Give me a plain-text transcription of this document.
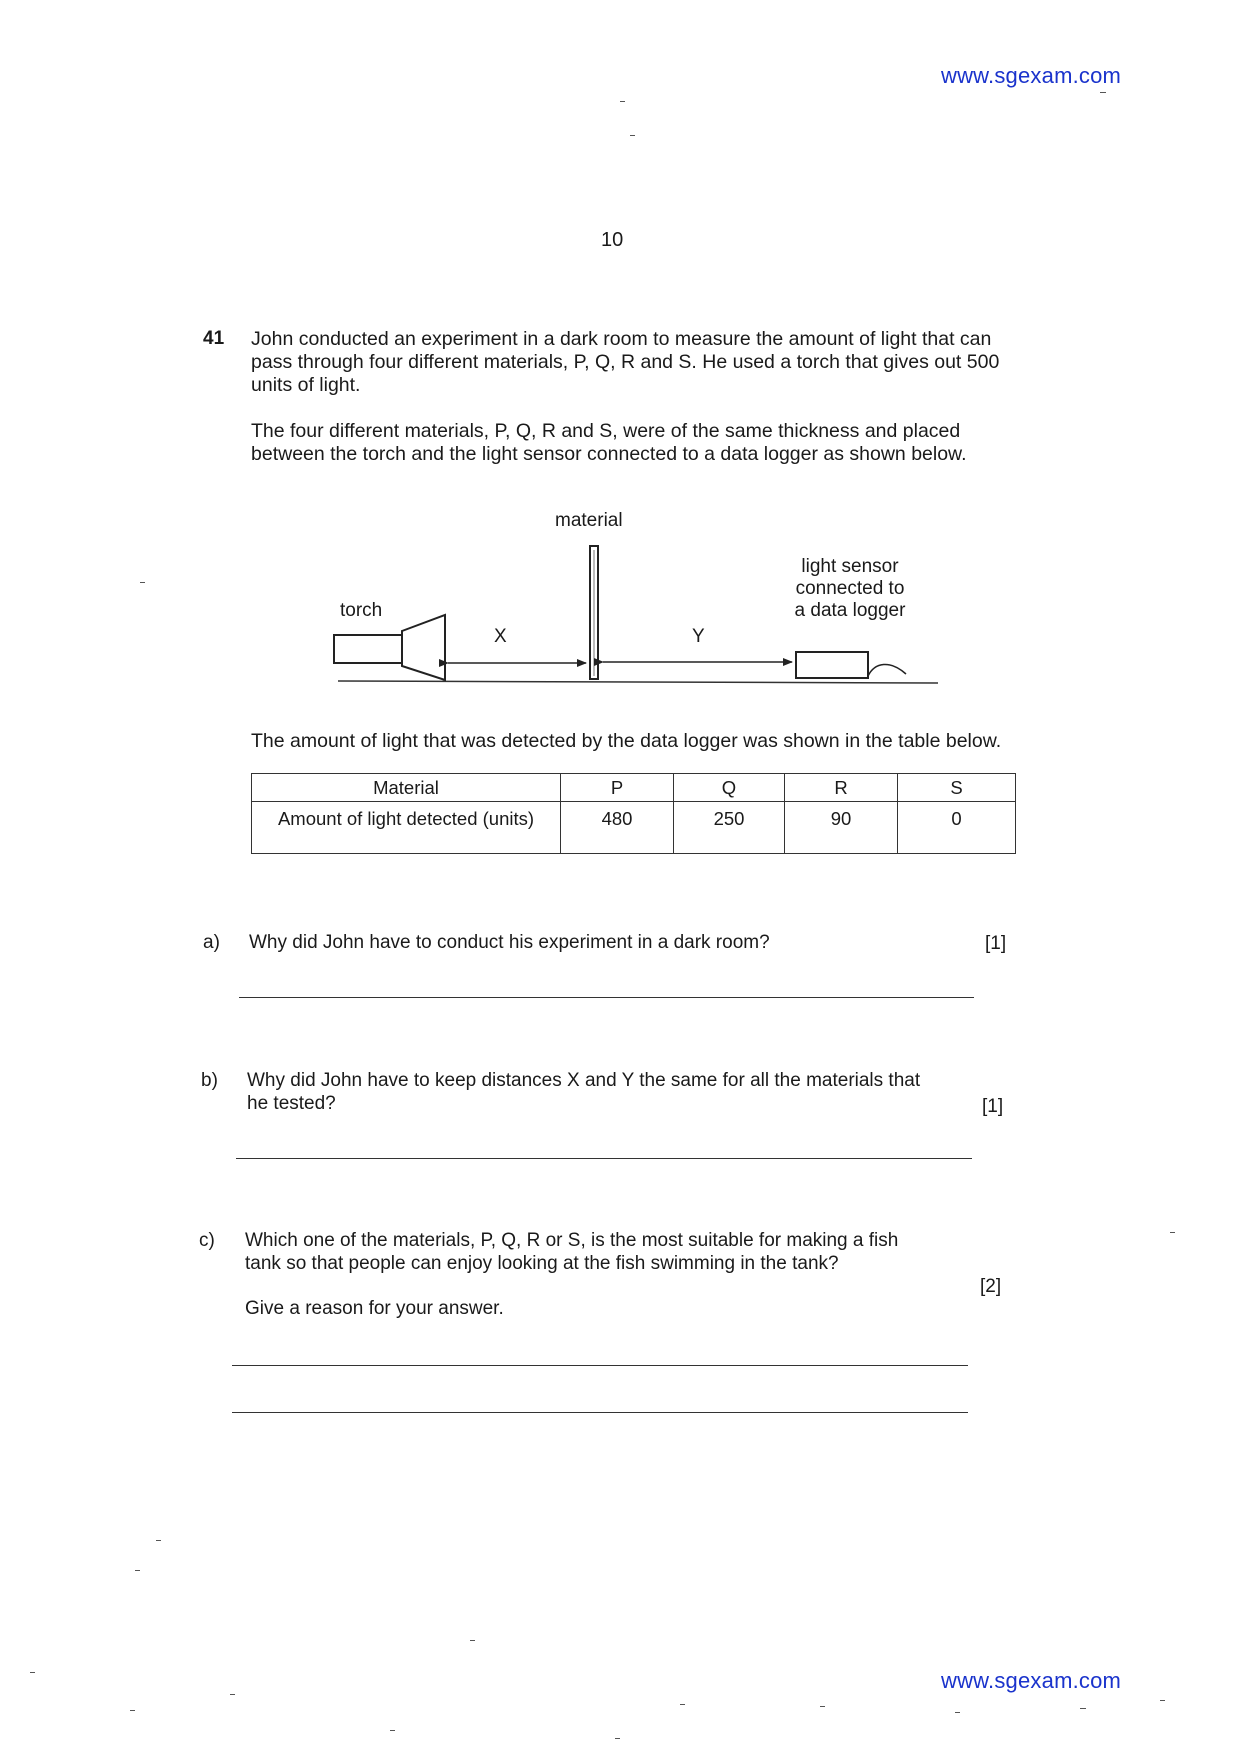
www.sgexam.com
10
41 John conducted an experiment in a dark room to measure the amount of light that can
pass through four different materials, P, Q, R and S. He used a torch that gives out 500
units of light.
The four different materials, P, Q, R and S, were of the same thickness and placed
between the torch and the light sensor connected to a data logger as shown below.
material
torch
light sensor
connected to
a data logger
X	Y
The amount of light that was detected by the data logger was shown in the table below.
Material	P	Q	R	S
Amount of light detected (units)	480	250	90	0
a) Why did John have to conduct his experiment in a dark room?	[1]
b) Why did John have to keep distances X and Y the same for all the materials that
he tested?	[1]
c) Which one of the materials, P, Q, R or S, is the most suitable for making a fish
tank so that people can enjoy looking at the fish swimming in the tank?
[2]
Give a reason for your answer.
www.sgexam.com
